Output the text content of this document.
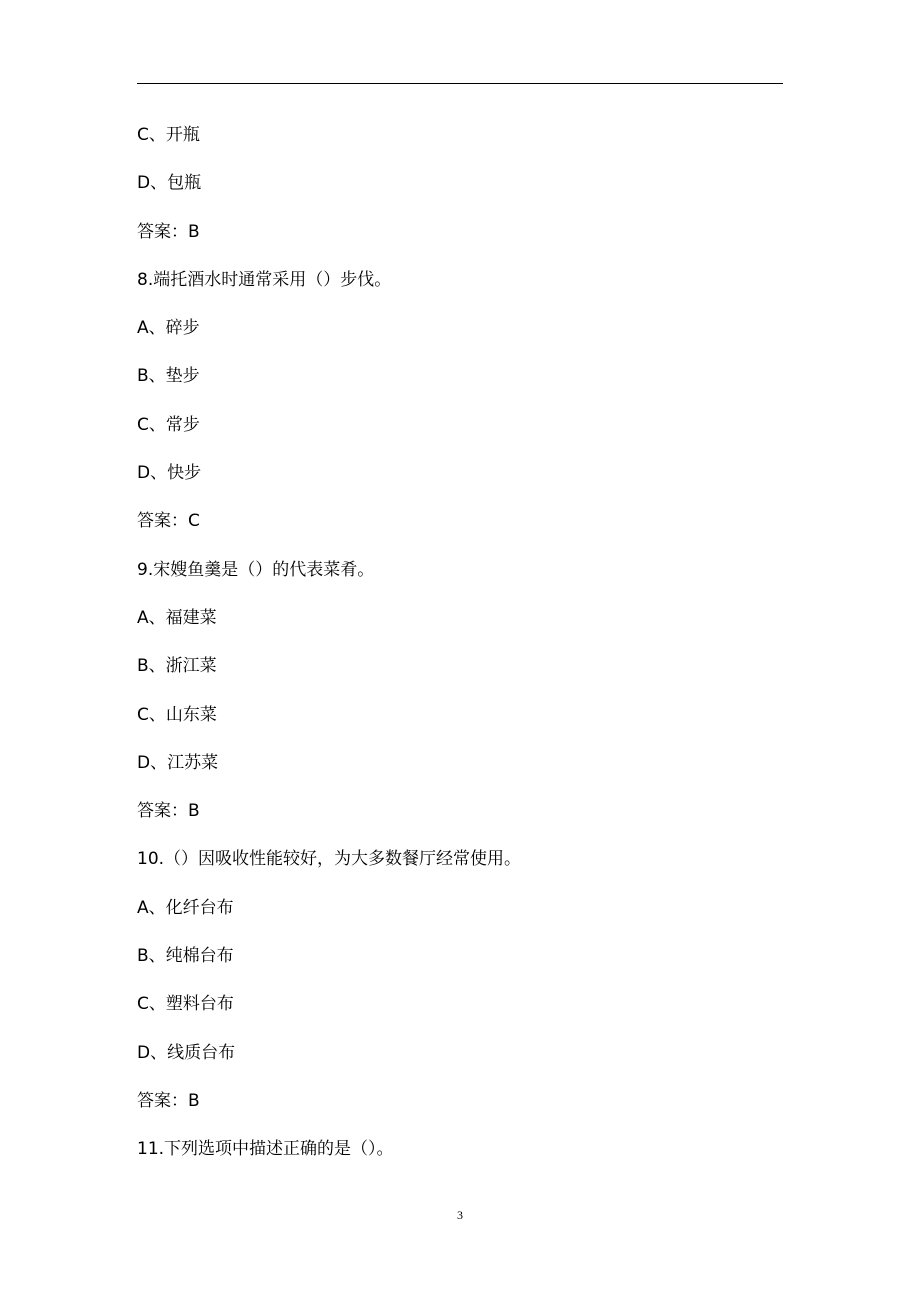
C、开瓶
D、包瓶
答案：B
8.端托酒水时通常采用（）步伐。
A、碎步
B、垫步
C、常步
D、快步
答案：C
9.宋嫂鱼羹是（）的代表菜肴。
A、福建菜
B、浙江菜
C、山东菜
D、江苏菜
答案：B
10.（）因吸收性能较好，为大多数餐厅经常使用。
A、化纤台布
B、纯棉台布
C、塑料台布
D、线质台布
答案：B
11.下列选项中描述正确的是（）。
3
